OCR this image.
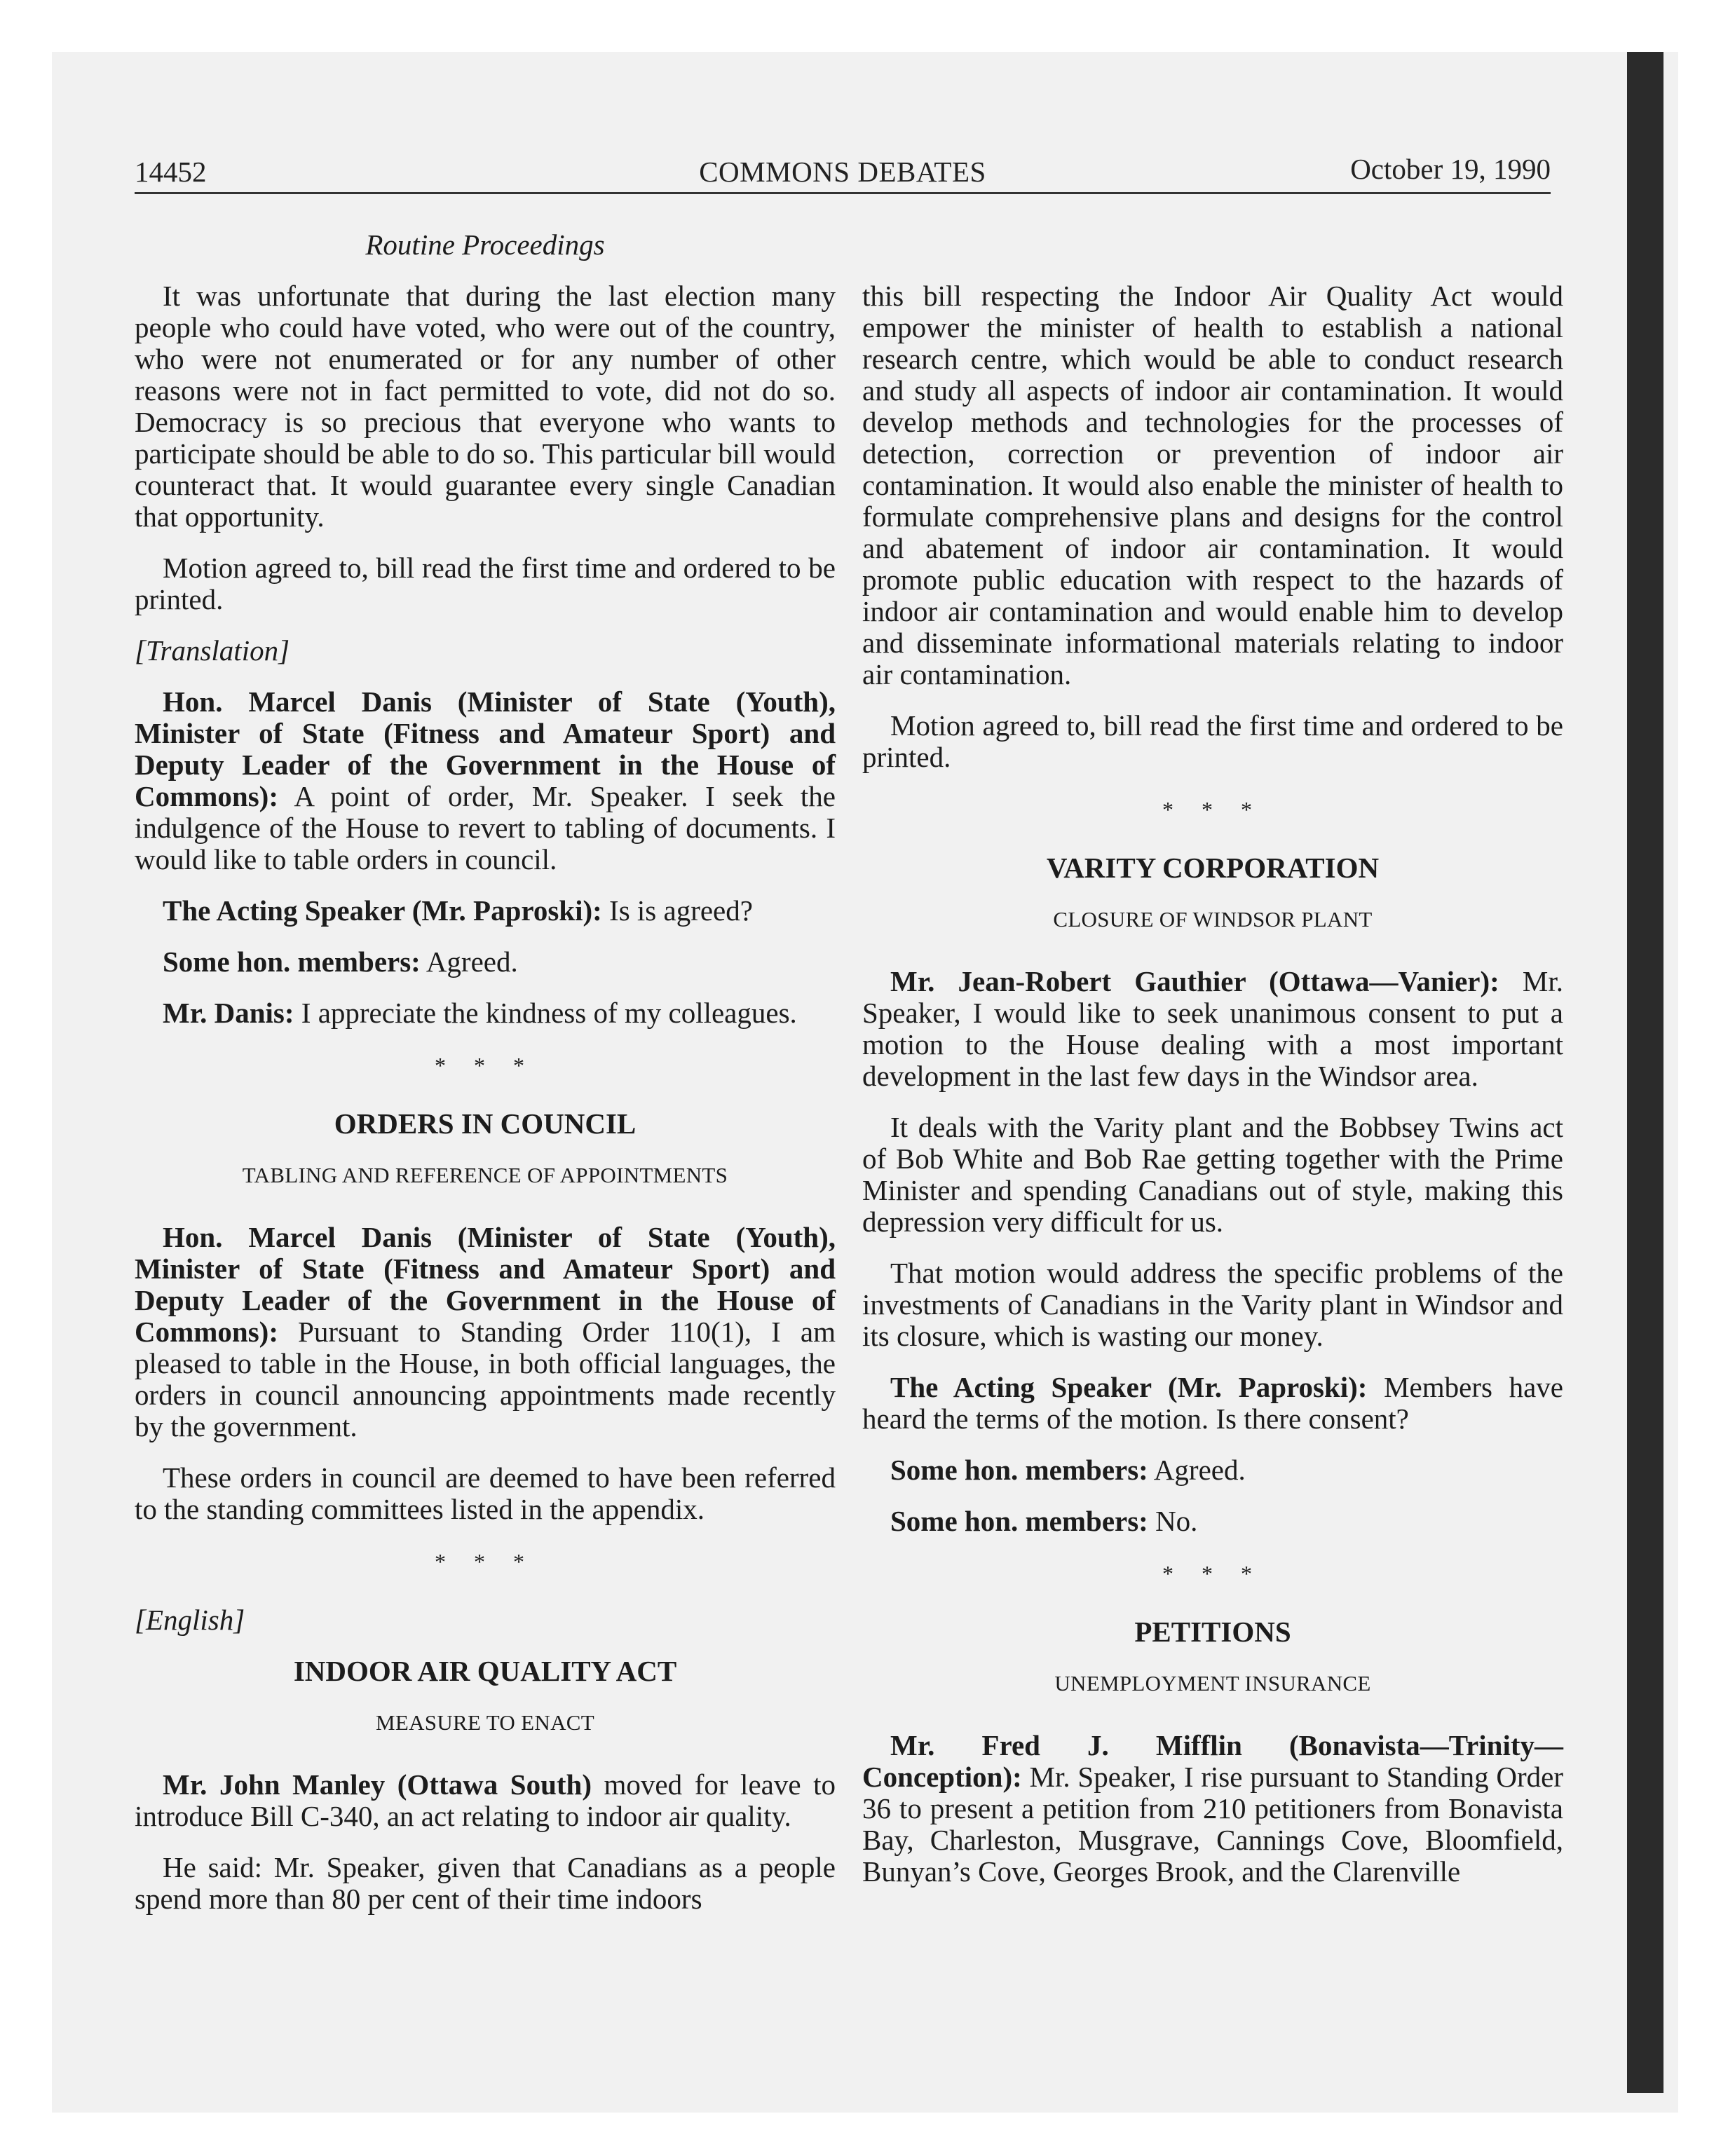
14452	COMMONS DEBATES	October 19, 1990
Routine Proceedings

It was unfortunate that during the last election many people who could have voted, who were out of the country, who were not enumerated or for any number of other reasons were not in fact permitted to vote, did not do so. Democracy is so precious that everyone who wants to participate should be able to do so. This particular bill would counteract that. It would guarantee every single Canadian that opportunity.

Motion agreed to, bill read the first time and ordered to be printed.

[Translation]

Hon. Marcel Danis (Minister of State (Youth), Minister of State (Fitness and Amateur Sport) and Deputy Leader of the Government in the House of Commons): A point of order, Mr. Speaker. I seek the indulgence of the House to revert to tabling of documents. I would like to table orders in council.

The Acting Speaker (Mr. Paproski): Is is agreed?

Some hon. members: Agreed.

Mr. Danis: I appreciate the kindness of my colleagues.

* * *
ORDERS IN COUNCIL
TABLING AND REFERENCE OF APPOINTMENTS

Hon. Marcel Danis (Minister of State (Youth), Minister of State (Fitness and Amateur Sport) and Deputy Leader of the Government in the House of Commons): Pursuant to Standing Order 110(1), I am pleased to table in the House, in both official languages, the orders in council announcing appointments made recently by the government.

These orders in council are deemed to have been referred to the standing committees listed in the appendix.

* * *
[English]
INDOOR AIR QUALITY ACT
MEASURE TO ENACT

Mr. John Manley (Ottawa South) moved for leave to introduce Bill C-340, an act relating to indoor air quality.

He said: Mr. Speaker, given that Canadians as a people spend more than 80 per cent of their time indoors

this bill respecting the Indoor Air Quality Act would empower the minister of health to establish a national research centre, which would be able to conduct research and study all aspects of indoor air contamination. It would develop methods and technologies for the processes of detection, correction or prevention of indoor air contamination. It would also enable the minister of health to formulate comprehensive plans and designs for the control and abatement of indoor air contamination. It would promote public education with respect to the hazards of indoor air contamination and would enable him to develop and disseminate informational materials relating to indoor air contamination.

Motion agreed to, bill read the first time and ordered to be printed.

* * *
VARITY CORPORATION
CLOSURE OF WINDSOR PLANT

Mr. Jean-Robert Gauthier (Ottawa—Vanier): Mr. Speaker, I would like to seek unanimous consent to put a motion to the House dealing with a most important development in the last few days in the Windsor area.

It deals with the Varity plant and the Bobbsey Twins act of Bob White and Bob Rae getting together with the Prime Minister and spending Canadians out of style, making this depression very difficult for us.

That motion would address the specific problems of the investments of Canadians in the Varity plant in Windsor and its closure, which is wasting our money.

The Acting Speaker (Mr. Paproski): Members have heard the terms of the motion. Is there consent?

Some hon. members: Agreed.

Some hon. members: No.

* * *
PETITIONS
UNEMPLOYMENT INSURANCE

Mr. Fred J. Mifflin (Bonavista—Trinity—Conception): Mr. Speaker, I rise pursuant to Standing Order 36 to present a petition from 210 petitioners from Bonavista Bay, Charleston, Musgrave, Cannings Cove, Bloomfield, Bunyan’s Cove, Georges Brook, and the Clarenville
